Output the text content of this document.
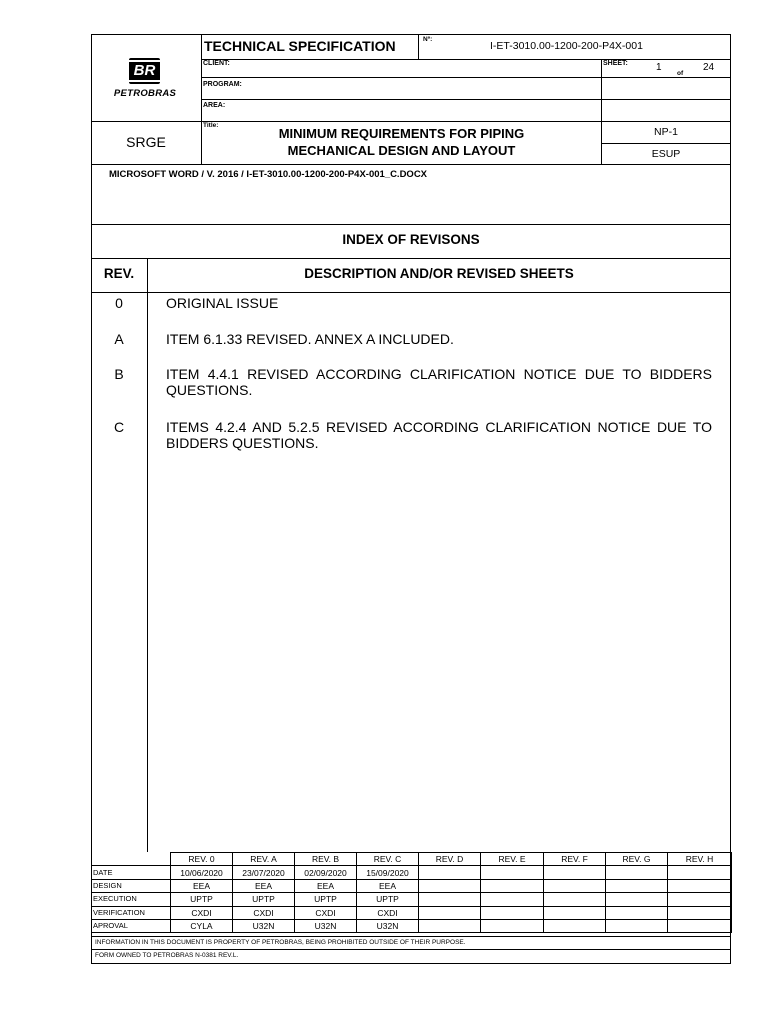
BR
PETROBRAS
TECHNICAL SPECIFICATION	Nº:
I-ET-3010.00-1200-200-P4X-001
CLIENT:	SHEET:	1
of
24
PROGRAM:
AREA:
SRGE
Title:
MINIMUM REQUIREMENTS FOR PIPING
MECHANICAL DESIGN AND LAYOUT
NP-1
ESUP
MICROSOFT WORD / V. 2016 / I-ET-3010.00-1200-200-P4X-001_C.DOCX
INDEX OF REVISONS
REV.	DESCRIPTION AND/OR REVISED SHEETS
0	ORIGINAL ISSUE
A	ITEM 6.1.33 REVISED. ANNEX A INCLUDED.
B	ITEM 4.4.1 REVISED ACCORDING CLARIFICATION NOTICE DUE TO BIDDERS QUESTIONS.
C	ITEMS 4.2.4 AND 5.2.5 REVISED ACCORDING CLARIFICATION NOTICE DUE TO BIDDERS QUESTIONS.
	REV. 0	REV. A	REV. B	REV. C	REV. D	REV. E	REV. F	REV. G	REV. H
DATE	10/06/2020	23/07/2020	02/09/2020	15/09/2020					
DESIGN	EEA	EEA	EEA	EEA					
EXECUTION	UPTP	UPTP	UPTP	UPTP					
VERIFICATION	CXDI	CXDI	CXDI	CXDI					
APROVAL	CYLA	U32N	U32N	U32N					
INFORMATION IN THIS DOCUMENT IS PROPERTY OF PETROBRAS, BEING PROHIBITED OUTSIDE OF THEIR PURPOSE.
FORM OWNED TO PETROBRAS N-0381 REV.L.
